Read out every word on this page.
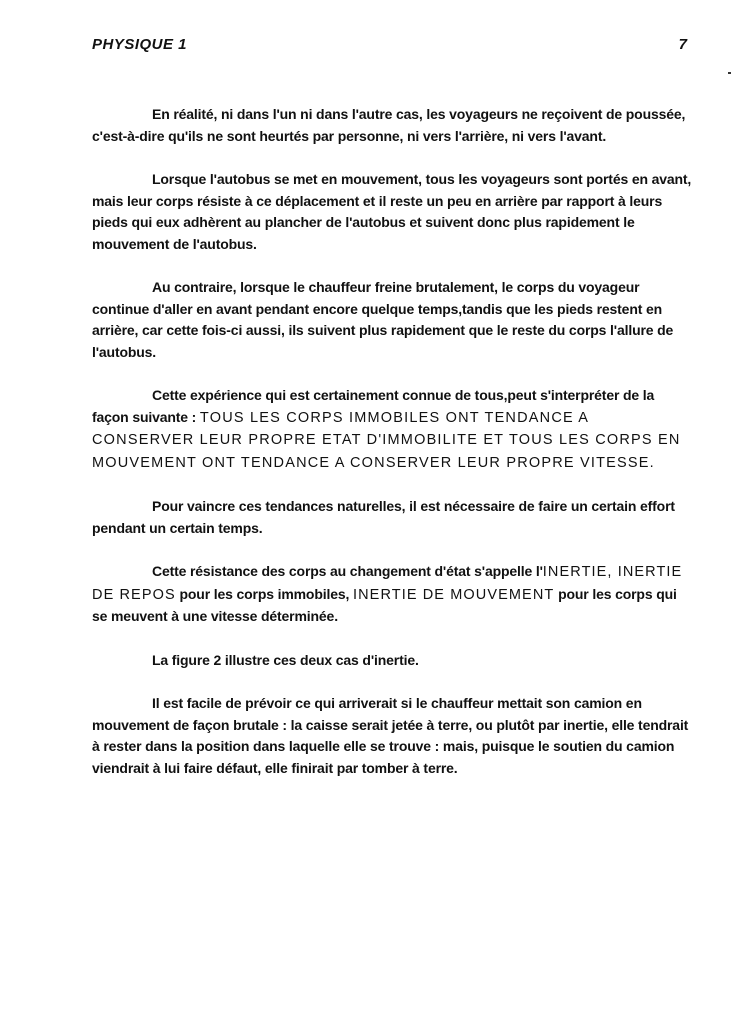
PHYSIQUE 1	7

En réalité, ni dans l'un ni dans l'autre cas, les voyageurs ne reçoivent de poussée, c'est-à-dire qu'ils ne sont heurtés par personne, ni vers l'arrière, ni vers l'avant.

Lorsque l'autobus se met en mouvement, tous les voyageurs sont portés en avant, mais leur corps résiste à ce déplacement et il reste un peu en arrière par rapport à leurs pieds qui eux adhèrent au plancher de l'autobus et suivent donc plus rapidement le mouvement de l'autobus.

Au contraire, lorsque le chauffeur freine brutalement, le corps du voyageur continue d'aller en avant pendant encore quelque temps,tandis que les pieds restent en arrière, car cette fois-ci aussi, ils suivent plus rapidement que le reste du corps l'allure de l'autobus.

Cette expérience qui est certainement connue de tous,peut s'interpréter de la façon suivante : TOUS LES CORPS IMMOBILES ONT TENDANCE A CONSERVER LEUR PROPRE ETAT D'IMMOBILITE ET TOUS LES CORPS EN MOUVEMENT ONT TENDANCE A CONSERVER LEUR PROPRE VITESSE.

Pour vaincre ces tendances naturelles, il est nécessaire de faire un certain effort pendant un certain temps.

Cette résistance des corps au changement d'état s'appelle l'INERTIE, INERTIE DE REPOS pour les corps immobiles, INERTIE DE MOUVEMENT pour les corps qui se meuvent à une vitesse déterminée.

La figure 2 illustre ces deux cas d'inertie.

Il est facile de prévoir ce qui arriverait si le chauffeur mettait son camion en mouvement de façon brutale : la caisse serait jetée à terre, ou plutôt par inertie, elle tendrait à rester dans la position dans laquelle elle se trouve : mais, puisque le soutien du camion viendrait à lui faire défaut, elle finirait par tomber à terre.
